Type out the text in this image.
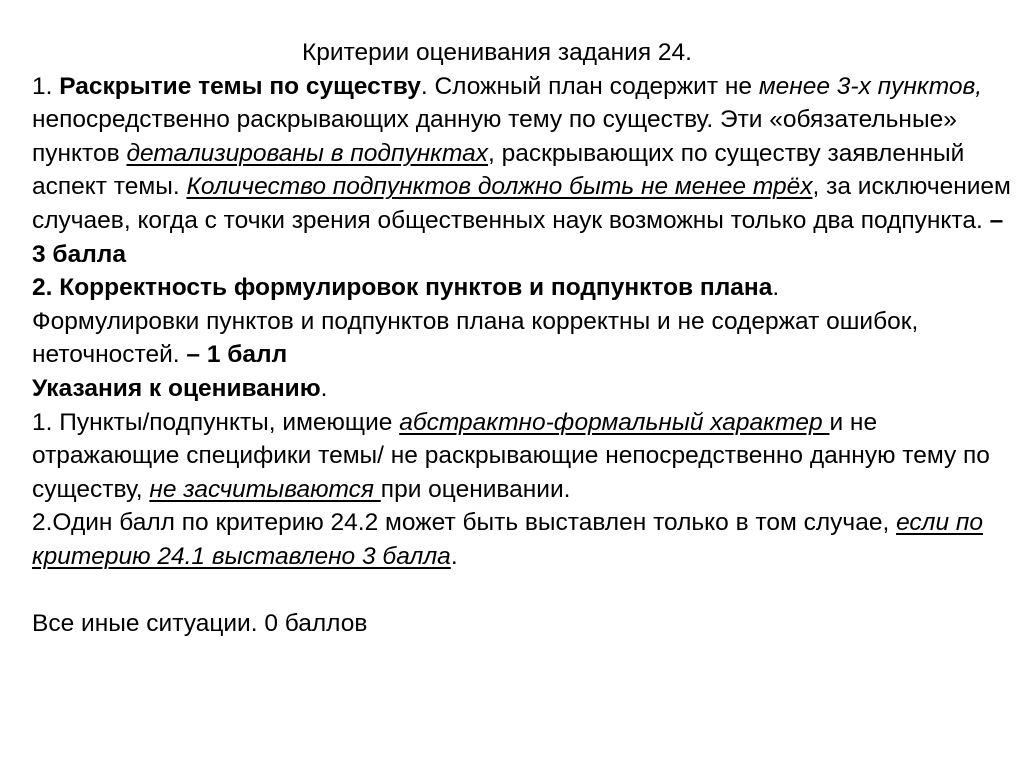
Критерии оценивания задания 24.

1. Раскрытие темы по существу. Сложный план содержит не менее 3-х пунктов, непосредственно раскрывающих данную тему по существу. Эти «обязательные» пунктов детализированы в подпунктах, раскрывающих по существу заявленный аспект темы. Количество подпунктов должно быть не менее трёх, за исключением случаев, когда с точки зрения общественных наук возможны только два подпункта. – 3 балла

2. Корректность формулировок пунктов и подпунктов плана.
Формулировки пунктов и подпунктов плана корректны и не содержат ошибок, неточностей. – 1 балл

Указания к оцениванию.

1. Пункты/подпункты, имеющие абстрактно-формальный характер и не отражающие специфики темы/ не раскрывающие непосредственно данную тему по существу, не засчитываются при оценивании.

2.Один балл по критерию 24.2 может быть выставлен только в том случае, если по критерию 24.1 выставлено 3 балла.

Все иные ситуации. 0 баллов
